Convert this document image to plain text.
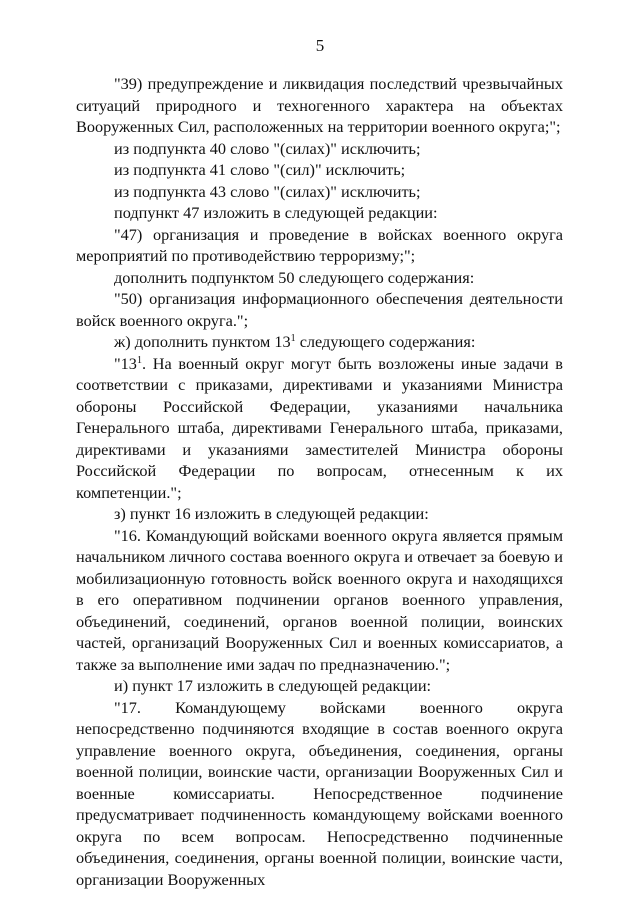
5

"39) предупреждение и ликвидация последствий чрезвычайных ситуаций природного и техногенного характера на объектах Вооруженных Сил, расположенных на территории военного округа;";

из подпункта 40 слово "(силах)" исключить;

из подпункта 41 слово "(сил)" исключить;

из подпункта 43 слово "(силах)" исключить;

подпункт 47 изложить в следующей редакции:

"47) организация и проведение в войсках военного округа мероприятий по противодействию терроризму;";

дополнить подпунктом 50 следующего содержания:

"50) организация информационного обеспечения деятельности войск военного округа.";

ж) дополнить пунктом $13^1$ следующего содержания:

"$13^1$. На военный округ могут быть возложены иные задачи в соответствии с приказами, директивами и указаниями Министра обороны Российской Федерации, указаниями начальника Генерального штаба, директивами Генерального штаба, приказами, директивами и указаниями заместителей Министра обороны Российской Федерации по вопросам, отнесенным к их компетенции.";

з) пункт 16 изложить в следующей редакции:

"16. Командующий войсками военного округа является прямым начальником личного состава военного округа и отвечает за боевую и мобилизационную готовность войск военного округа и находящихся в его оперативном подчинении органов военного управления, объединений, соединений, органов военной полиции, воинских частей, организаций Вооруженных Сил и военных комиссариатов, а также за выполнение ими задач по предназначению.";

и) пункт 17 изложить в следующей редакции:

"17. Командующему войсками военного округа непосредственно подчиняются входящие в состав военного округа управление военного округа, объединения, соединения, органы военной полиции, воинские части, организации Вооруженных Сил и военные комиссариаты. Непосредственное подчинение предусматривает подчиненность командующему войсками военного округа по всем вопросам. Непосредственно подчиненные объединения, соединения, органы военной полиции, воинские части, организации Вооруженных
